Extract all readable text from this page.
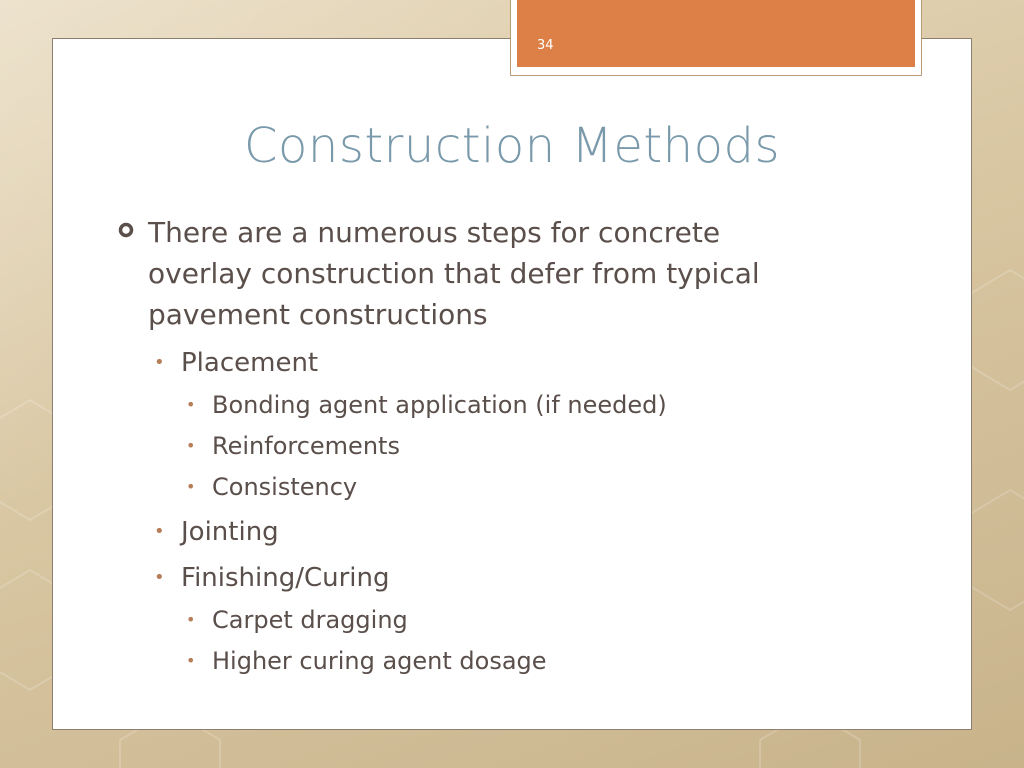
34
Construction Methods
There are a numerous steps for concrete
overlay construction that defer from typical
pavement constructions
• Placement
• Bonding agent application (if needed)
• Reinforcements
• Consistency
• Jointing
• Finishing/Curing
• Carpet dragging
• Higher curing agent dosage
